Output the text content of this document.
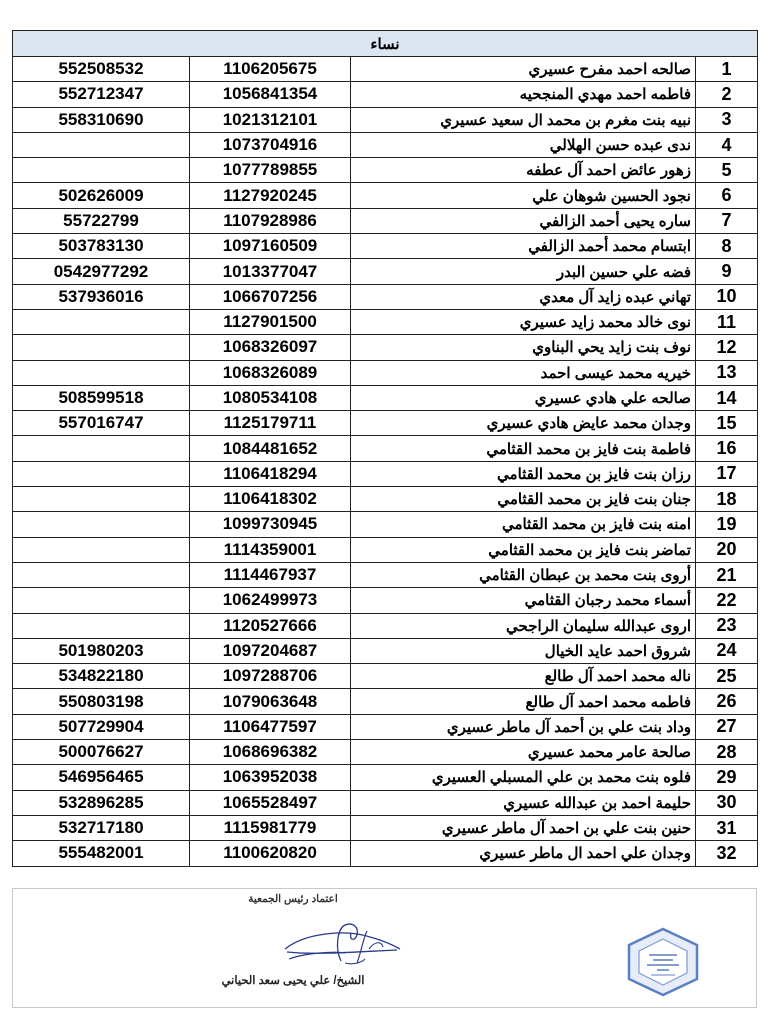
نساء			
552508532	1106205675	صالحه احمد مفرح عسيري	1
552712347	1056841354	فاطمه احمد مهدي المنجحيه	2
558310690	1021312101	نبيه بنت مغرم بن محمد ال سعيد عسيري	3
	1073704916	ندى عبده حسن الهلالي	4
	1077789855	زهور عائض احمد آل عطفه	5
502626009	1127920245	نجود الحسين شوهان علي	6
55722799	1107928986	ساره يحيى أحمد الزالفي	7
503783130	1097160509	ابتسام محمد أحمد الزالفي	8
0542977292	1013377047	فضه علي حسين البدر	9
537936016	1066707256	تهاني عبده زايد آل معدي	10
	1127901500	نوى خالد محمد زايد عسيري	11
	1068326097	نوف بنت زايد يحي البناوي	12
	1068326089	خيريه محمد عيسى احمد	13
508599518	1080534108	صالحه علي هادي عسيري	14
557016747	1125179711	وجدان محمد عايض هادي عسيري	15
	1084481652	فاطمة بنت فايز بن محمد القثامي	16
	1106418294	رزان بنت فايز بن محمد القثامي	17
	1106418302	جنان بنت فايز بن محمد القثامي	18
	1099730945	امنه بنت فايز بن محمد القثامي	19
	1114359001	تماضر بنت فايز بن محمد القثامي	20
	1114467937	أروى بنت محمد بن عبطان القثامي	21
	1062499973	أسماء محمد رجبان القثامي	22
	1120527666	اروى عبدالله سليمان الراجحي	23
501980203	1097204687	شروق احمد عايد الخيال	24
534822180	1097288706	ناله محمد احمد آل طالع	25
550803198	1079063648	فاطمه محمد احمد آل طالع	26
507729904	1106477597	وداد بنت علي بن أحمد آل ماطر عسيري	27
500076627	1068696382	صالحة عامر محمد عسيري	28
546956465	1063952038	فلوه بنت محمد بن علي المسبلي العسيري	29
532896285	1065528497	حليمة احمد بن عبدالله عسيري	30
532717180	1115981779	حنين بنت علي بن احمد آل ماطر عسيري	31
555482001	1100620820	وجدان علي احمد ال ماطر عسيري	32
اعتماد رئيس الجمعية
الشيخ/ علي يحيى سعد الحياني
